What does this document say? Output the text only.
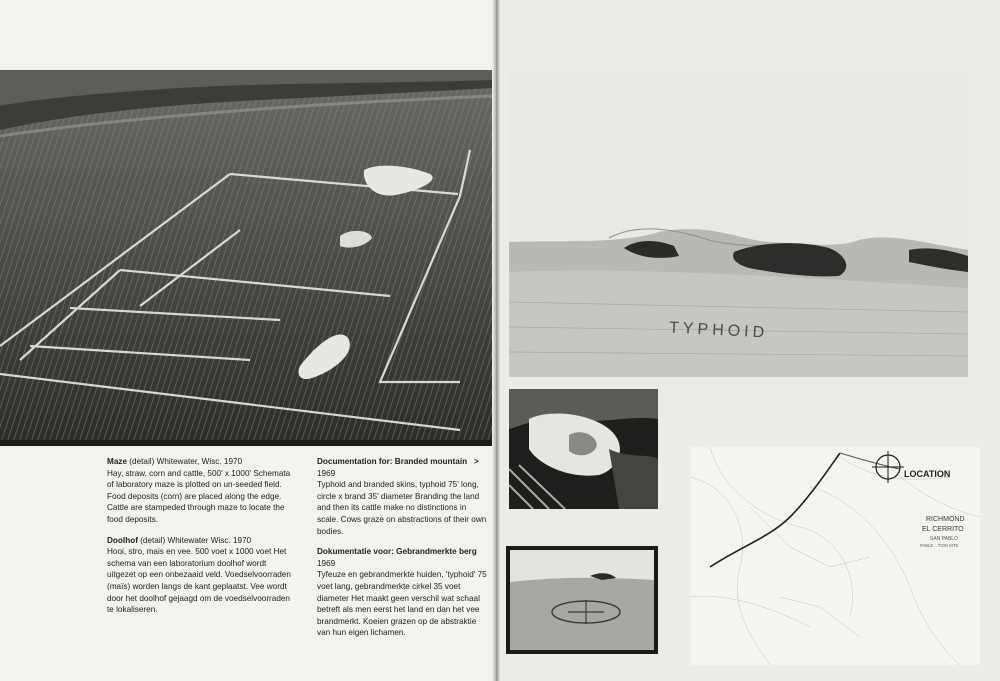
Maze (detail) Whitewater, Wisc. 1970
Hay, straw, corn and cattle, 500' x 1000' Schemata of laboratory maze is plotted on un-seeded field. Food deposits (corn) are placed along the edge. Cattle are stampeded through maze to locate the food deposits.

Doolhof (detail) Whitewater Wisc. 1970
Hooi, stro, mais en vee. 500 voet x 1000 voet Het schema van een laboratorium doolhof wordt uitgezet op een onbezaaid veld. Voedselvoorraden (maïs) worden langs de kant geplaatst. Vee wordt door het doolhof gejaagd om de voedselvoorraden te lokaliseren.

Documentation for: Branded mountain >
1969
Typhoid and branded skins, typhoid 75' long, circle x brand 35' diameter Branding the land and then its cattle make no distinctions in scale. Cows graze on abstractions of their own bodies.

Dokumentatie voor: Gebrandmerkte berg
1969
Tyfeuze en gebrandmerkte huiden, 'typhoid' 75 voet lang, gebrandmerkte cirkel 35 voet diameter Het maakt geen verschil wat schaal betreft als men eerst het land en dan het vee brandmerkt. Koeien grazen op de abstraktie van hun eigen lichamen.

TYPHOID
LOCATION
RICHMOND
EL CERRITO
SAN PABLO
PABLE ...TION SITE
